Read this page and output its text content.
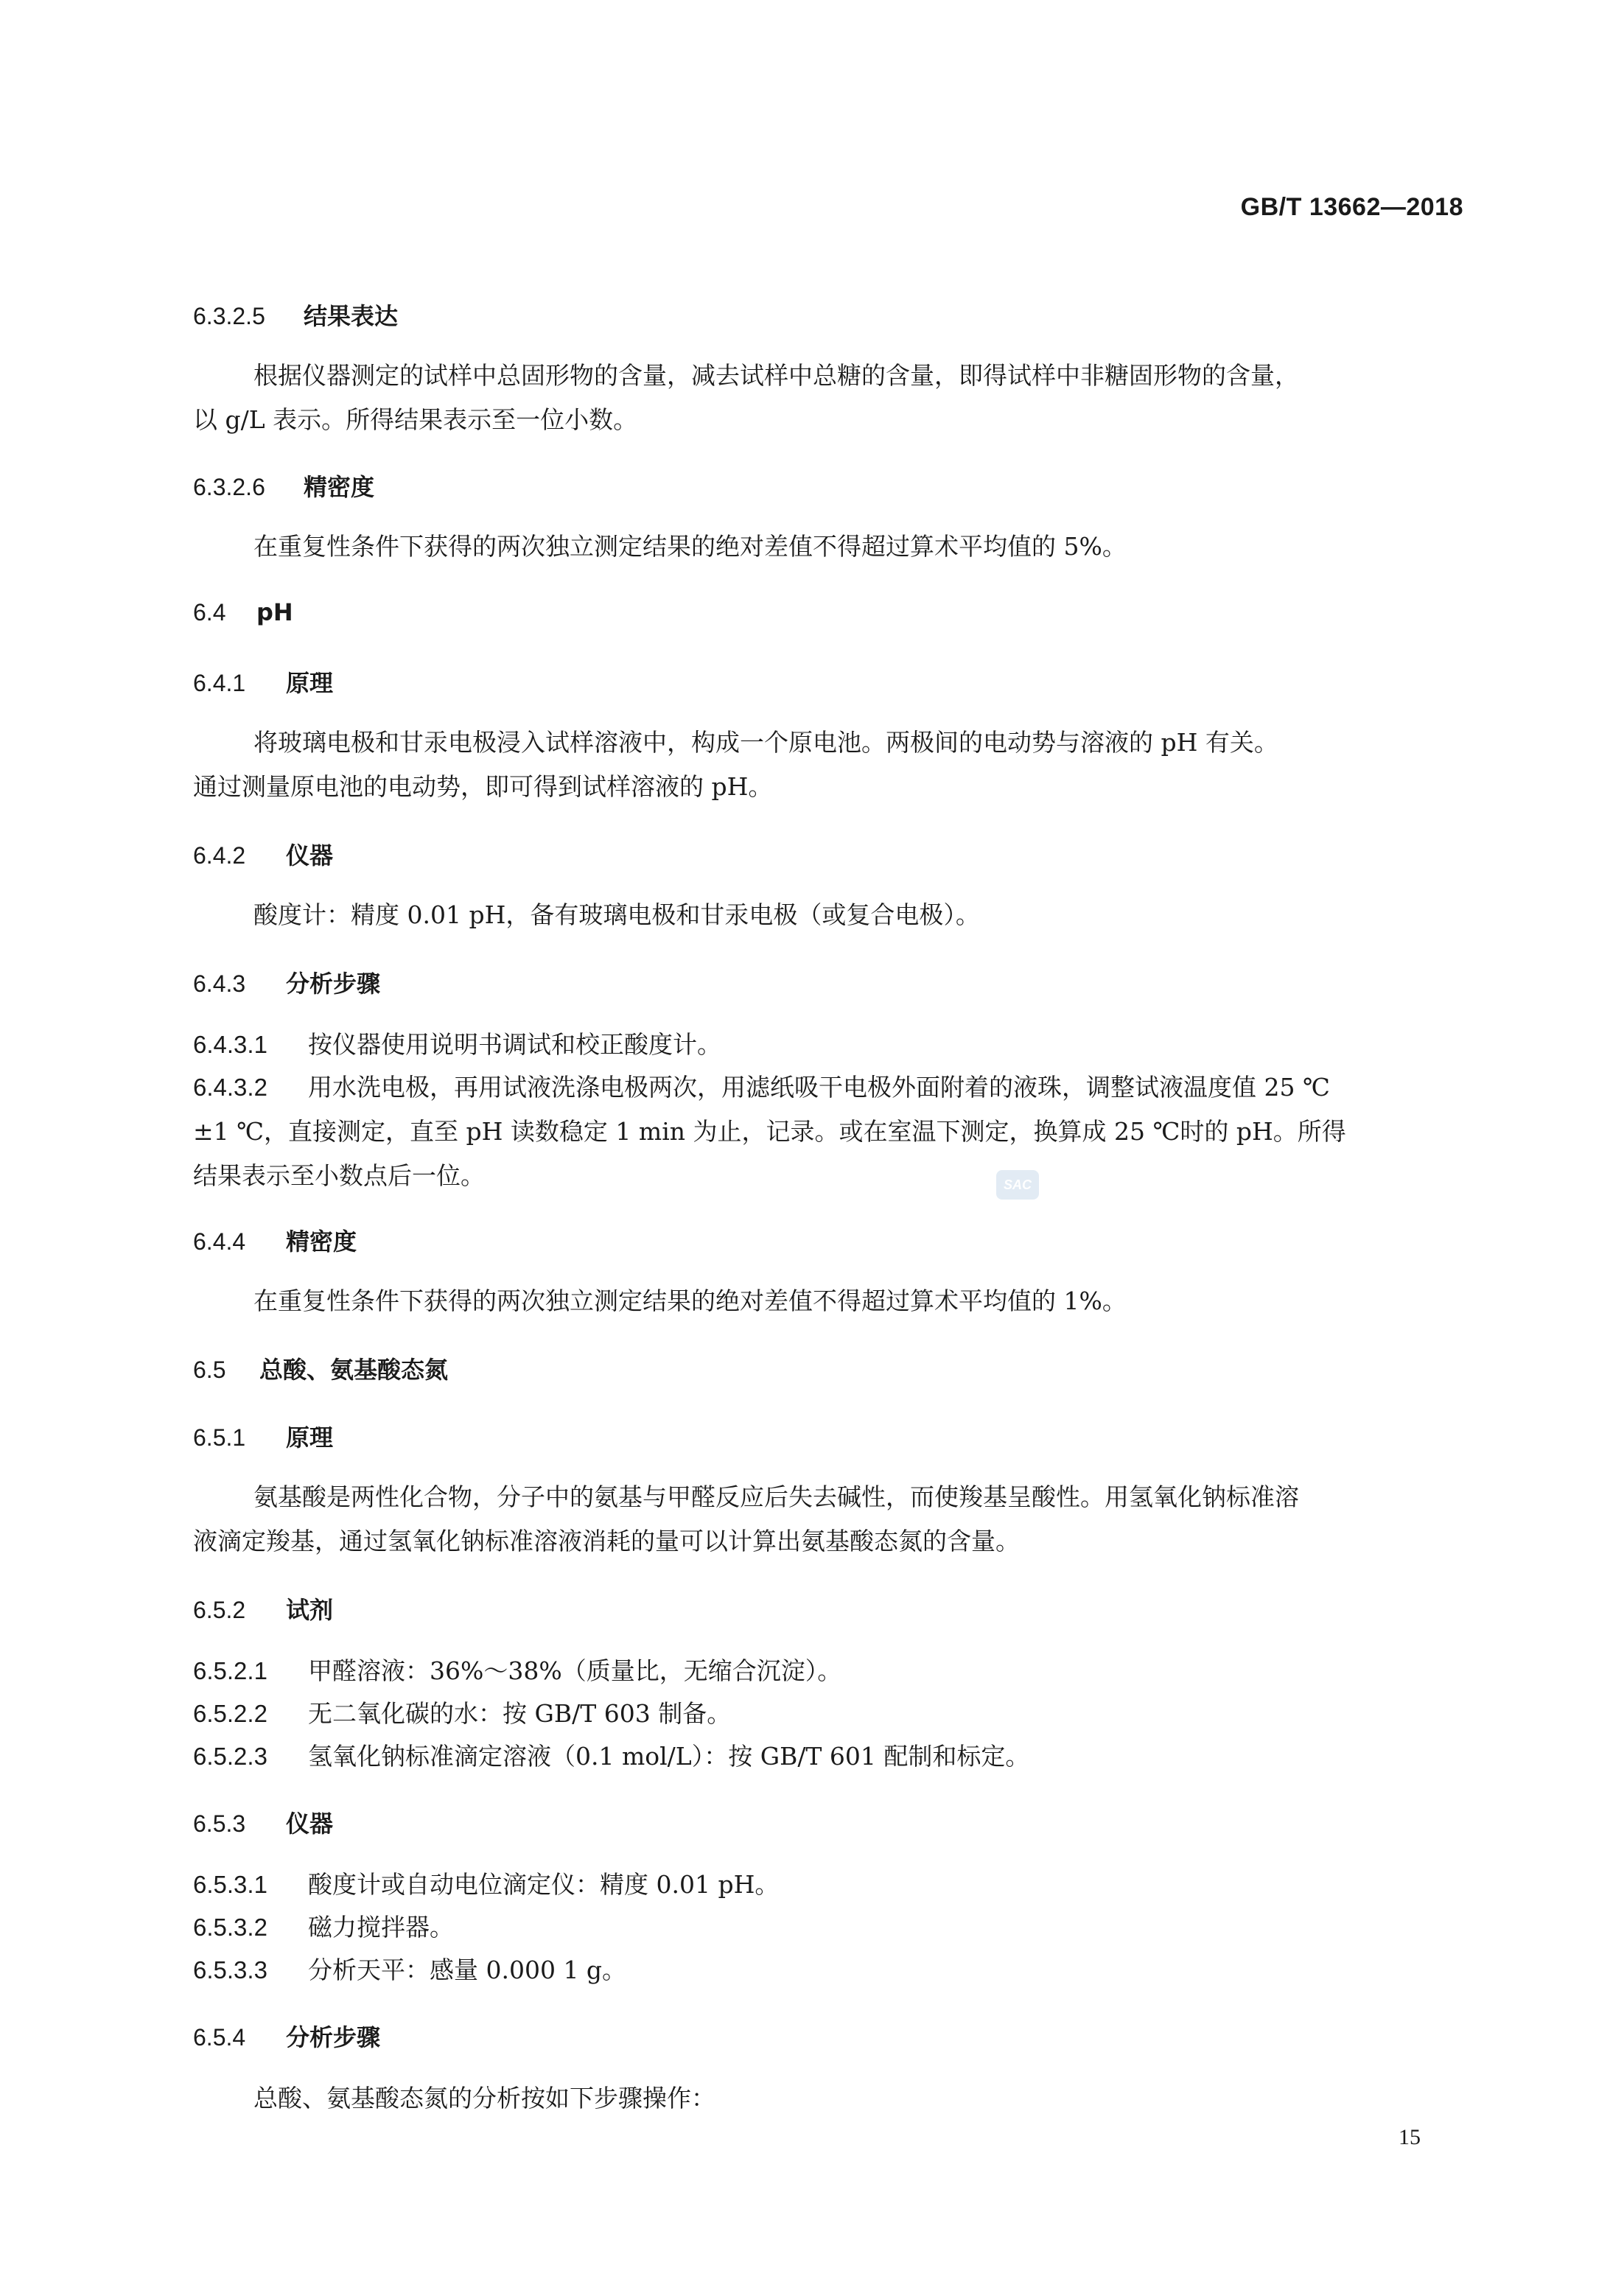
GB/T 13662—2018
6.3.2.5 结果表达
根据仪器测定的试样中总固形物的含量，减去试样中总糖的含量，即得试样中非糖固形物的含量，
以 g/L 表示。所得结果表示至一位小数。
6.3.2.6 精密度
在重复性条件下获得的两次独立测定结果的绝对差值不得超过算术平均值的 5%。
6.4 pH
6.4.1 原理
将玻璃电极和甘汞电极浸入试样溶液中，构成一个原电池。两极间的电动势与溶液的 pH 有关。
通过测量原电池的电动势，即可得到试样溶液的 pH。
6.4.2 仪器
酸度计：精度 0.01 pH，备有玻璃电极和甘汞电极（或复合电极）。
6.4.3 分析步骤
6.4.3.1 按仪器使用说明书调试和校正酸度计。
6.4.3.2 用水洗电极，再用试液洗涤电极两次，用滤纸吸干电极外面附着的液珠，调整试液温度值 25 ℃
±1 ℃，直接测定，直至 pH 读数稳定 1 min 为止，记录。或在室温下测定，换算成 25 ℃时的 pH。所得
结果表示至小数点后一位。
6.4.4 精密度
在重复性条件下获得的两次独立测定结果的绝对差值不得超过算术平均值的 1%。
6.5 总酸、氨基酸态氮
6.5.1 原理
氨基酸是两性化合物，分子中的氨基与甲醛反应后失去碱性，而使羧基呈酸性。用氢氧化钠标准溶
液滴定羧基，通过氢氧化钠标准溶液消耗的量可以计算出氨基酸态氮的含量。
6.5.2 试剂
6.5.2.1 甲醛溶液：36%～38%（质量比，无缩合沉淀）。
6.5.2.2 无二氧化碳的水：按 GB/T 603 制备。
6.5.2.3 氢氧化钠标准滴定溶液（0.1 mol/L）：按 GB/T 601 配制和标定。
6.5.3 仪器
6.5.3.1 酸度计或自动电位滴定仪：精度 0.01 pH。
6.5.3.2 磁力搅拌器。
6.5.3.3 分析天平：感量 0.000 1 g。
6.5.4 分析步骤
总酸、氨基酸态氮的分析按如下步骤操作：
SAC
15
